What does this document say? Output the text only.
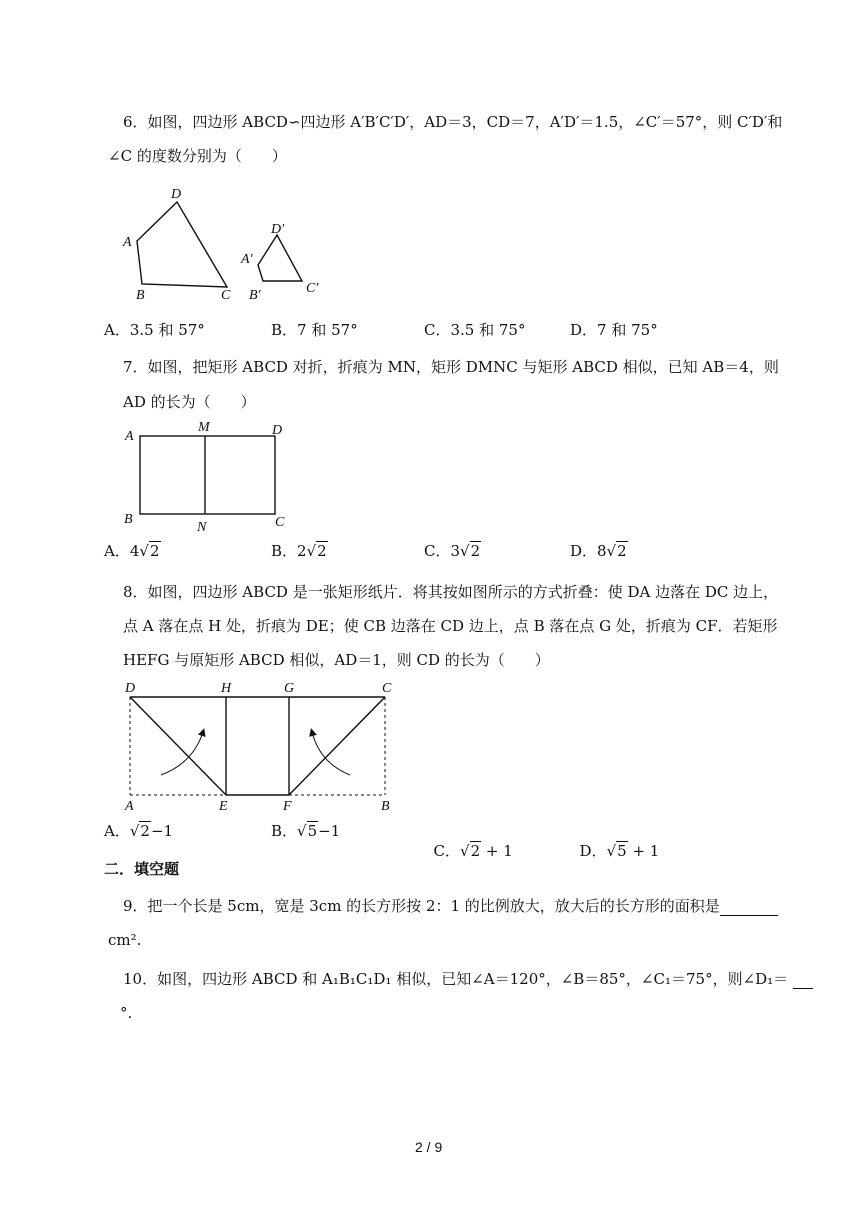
6．如图，四边形 ABCD∽四边形 A′B′C′D′，AD＝3，CD＝7，A′D′＝1.5，∠C′＝57°，则 C′D′和
∠C 的度数分别为（　　）
A
D
B	C
A′
D′
B′	C′
A．3.5 和 57°	B．7 和 57°	C．3.5 和 75°	D．7 和 75°
7．如图，把矩形 ABCD 对折，折痕为 MN，矩形 DMNC 与矩形 ABCD 相似，已知 AB＝4，则
AD 的长为（　　）
A
M	D
B
N	C
A．4√2	B．2√2	C．3√2	D．8√2
8．如图，四边形 ABCD 是一张矩形纸片．将其按如图所示的方式折叠：使 DA 边落在 DC 边上，
点 A 落在点 H 处，折痕为 DE；使 CB 边落在 CD 边上，点 B 落在点 G 处，折痕为 CF．若矩形
HEFG 与原矩形 ABCD 相似，AD＝1，则 CD 的长为（　　）
D	H	G	C
A	E	F	B
A．√2−1	B．√5−1

C．√2 + 1	D．√5 + 1

二．填空题
9．把一个长是 5cm，宽是 3cm 的长方形按 2：1 的比例放大，放大后的长方形的面积是
cm².
10．如图，四边形 ABCD 和 A₁B₁C₁D₁ 相似，已知∠A＝120°，∠B＝85°，∠C₁＝75°，则∠D₁＝
°.
2 / 9
